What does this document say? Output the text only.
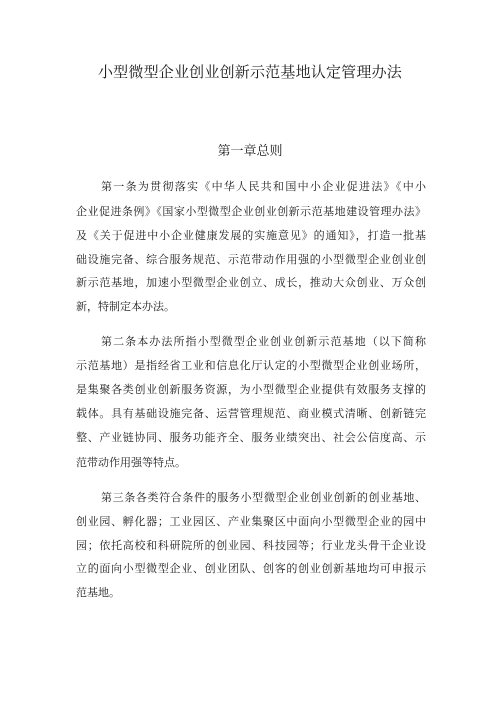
小型微型企业创业创新示范基地认定管理办法
第一章总则
第一条为贯彻落实《中华人民共和国中小企业促进法》《中小
企业促进条例》《国家小型微型企业创业创新示范基地建设管理办法》
及《关于促进中小企业健康发展的实施意见》的通知》，打造一批基
础设施完备、综合服务规范、示范带动作用强的小型微型企业创业创
新示范基地，加速小型微型企业创立、成长，推动大众创业、万众创
新，特制定本办法。
第二条本办法所指小型微型企业创业创新示范基地（以下简称
示范基地）是指经省工业和信息化厅认定的小型微型企业创业场所，
是集聚各类创业创新服务资源，为小型微型企业提供有效服务支撑的
载体。具有基础设施完备、运营管理规范、商业模式清晰、创新链完
整、产业链协同、服务功能齐全、服务业绩突出、社会公信度高、示
范带动作用强等特点。
第三条各类符合条件的服务小型微型企业创业创新的创业基地、
创业园、孵化器；工业园区、产业集聚区中面向小型微型企业的园中
园；依托高校和科研院所的创业园、科技园等；行业龙头骨干企业设
立的面向小型微型企业、创业团队、创客的创业创新基地均可申报示
范基地。
